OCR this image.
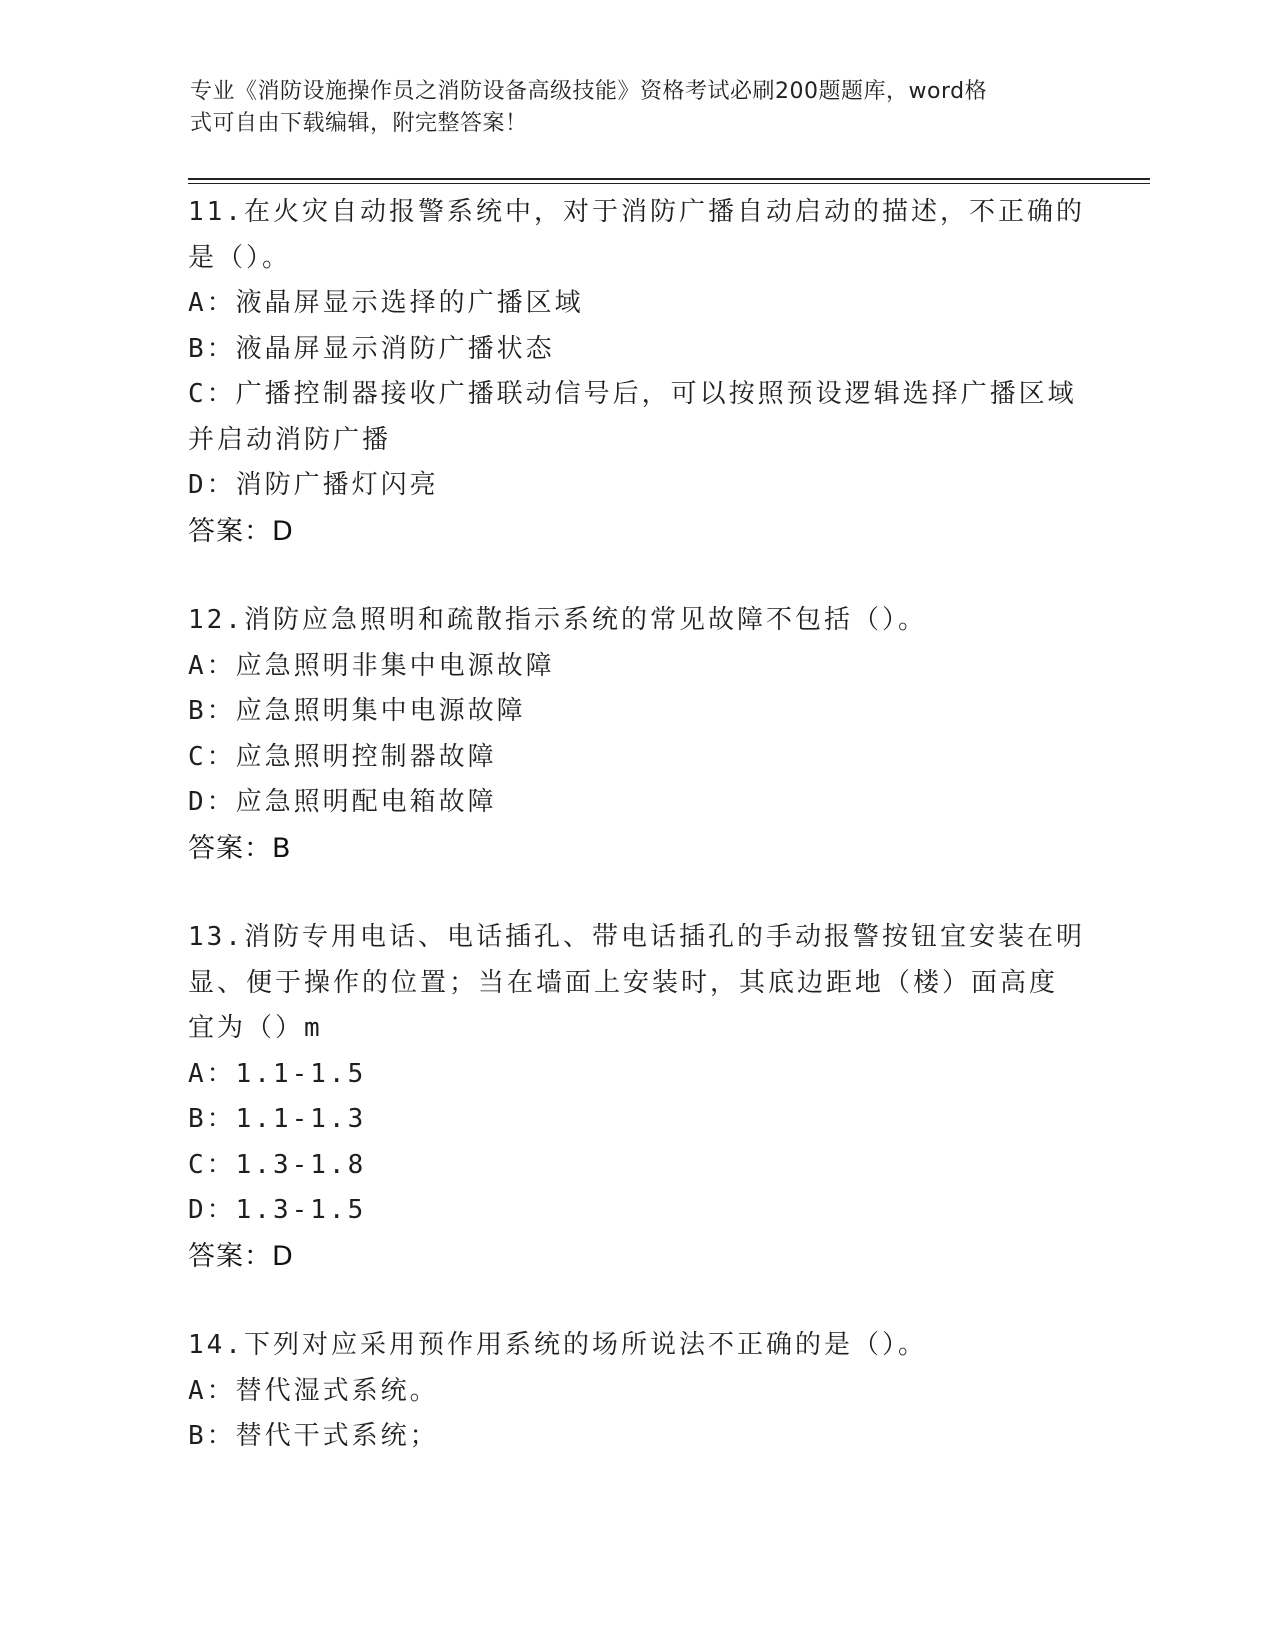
专业《消防设施操作员之消防设备高级技能》资格考试必刷200题题库，word格
式可自由下载编辑，附完整答案！
11.在火灾自动报警系统中，对于消防广播自动启动的描述，不正确的
是（）。
A：液晶屏显示选择的广播区域
B：液晶屏显示消防广播状态
C：广播控制器接收广播联动信号后，可以按照预设逻辑选择广播区域
并启动消防广播
D：消防广播灯闪亮
答案：D
12.消防应急照明和疏散指示系统的常见故障不包括（）。
A：应急照明非集中电源故障
B：应急照明集中电源故障
C：应急照明控制器故障
D：应急照明配电箱故障
答案：B
13.消防专用电话、电话插孔、带电话插孔的手动报警按钮宜安装在明
显、便于操作的位置；当在墙面上安装时，其底边距地（楼）面高度
宜为（）m
A：1.1-1.5
B：1.1-1.3
C：1.3-1.8
D：1.3-1.5
答案：D
14.下列对应采用预作用系统的场所说法不正确的是（）。
A：替代湿式系统。
B：替代干式系统；
